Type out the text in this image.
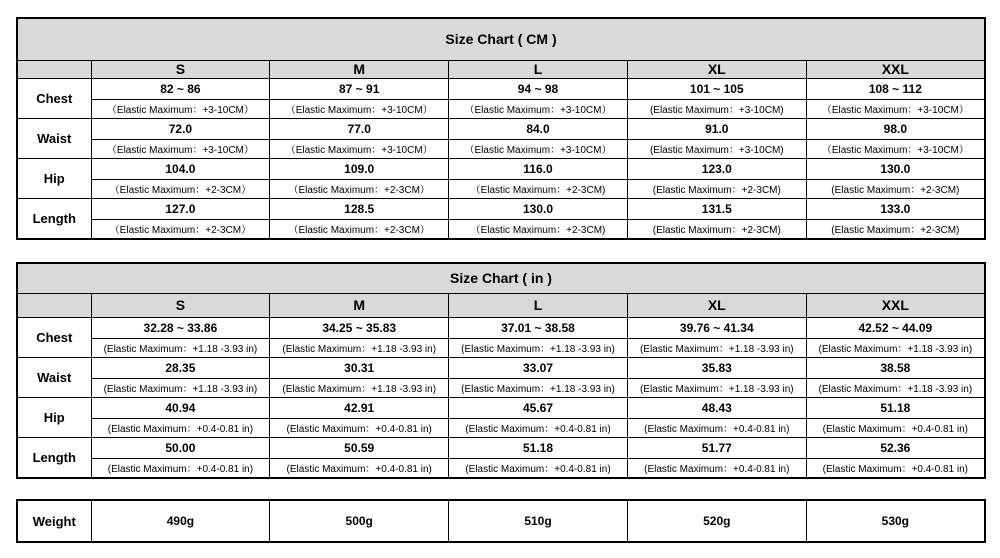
Size Chart ( CM )					
	S	M	L	XL	XXL
Chest	82 ~ 86	87 ~ 91	94 ~ 98	101 ~ 105	108 ~ 112
	（Elastic Maximum：+3-10CM）	（Elastic Maximum：+3-10CM）	（Elastic Maximum：+3-10CM）	(Elastic Maximum：+3-10CM)	（Elastic Maximum：+3-10CM）
Waist	72.0	77.0	84.0	91.0	98.0
	（Elastic Maximum：+3-10CM）	（Elastic Maximum：+3-10CM）	（Elastic Maximum：+3-10CM）	(Elastic Maximum：+3-10CM)	（Elastic Maximum：+3-10CM）
Hip	104.0	109.0	116.0	123.0	130.0
	（Elastic Maximum：+2-3CM）	（Elastic Maximum：+2-3CM）	（Elastic Maximum：+2-3CM)	(Elastic Maximum：+2-3CM)	(Elastic Maximum：+2-3CM)
Length	127.0	128.5	130.0	131.5	133.0
	（Elastic Maximum：+2-3CM）	（Elastic Maximum：+2-3CM）	（Elastic Maximum：+2-3CM)	(Elastic Maximum：+2-3CM)	(Elastic Maximum：+2-3CM)
Size Chart ( in )					
	S	M	L	XL	XXL
Chest	32.28 ~ 33.86	34.25 ~ 35.83	37.01 ~ 38.58	39.76 ~ 41.34	42.52 ~ 44.09
	(Elastic Maximum：+1.18 -3.93 in)	(Elastic Maximum：+1.18 -3.93 in)	(Elastic Maximum：+1.18 -3.93 in)	(Elastic Maximum：+1.18 -3.93 in)	(Elastic Maximum：+1.18 -3.93 in)
Waist	28.35	30.31	33.07	35.83	38.58
	(Elastic Maximum：+1.18 -3.93 in)	(Elastic Maximum：+1.18 -3.93 in)	(Elastic Maximum：+1.18 -3.93 in)	(Elastic Maximum：+1.18 -3.93 in)	(Elastic Maximum：+1.18 -3.93 in)
Hip	40.94	42.91	45.67	48.43	51.18
	(Elastic Maximum：+0.4-0.81 in)	(Elastic Maximum：+0.4-0.81 in)	(Elastic Maximum：+0.4-0.81 in)	(Elastic Maximum：+0.4-0.81 in)	(Elastic Maximum：+0.4-0.81 in)
Length	50.00	50.59	51.18	51.77	52.36
	(Elastic Maximum：+0.4-0.81 in)	(Elastic Maximum：+0.4-0.81 in)	(Elastic Maximum：+0.4-0.81 in)	(Elastic Maximum：+0.4-0.81 in)	(Elastic Maximum：+0.4-0.81 in)
Weight	490g	500g	510g	520g	530g
